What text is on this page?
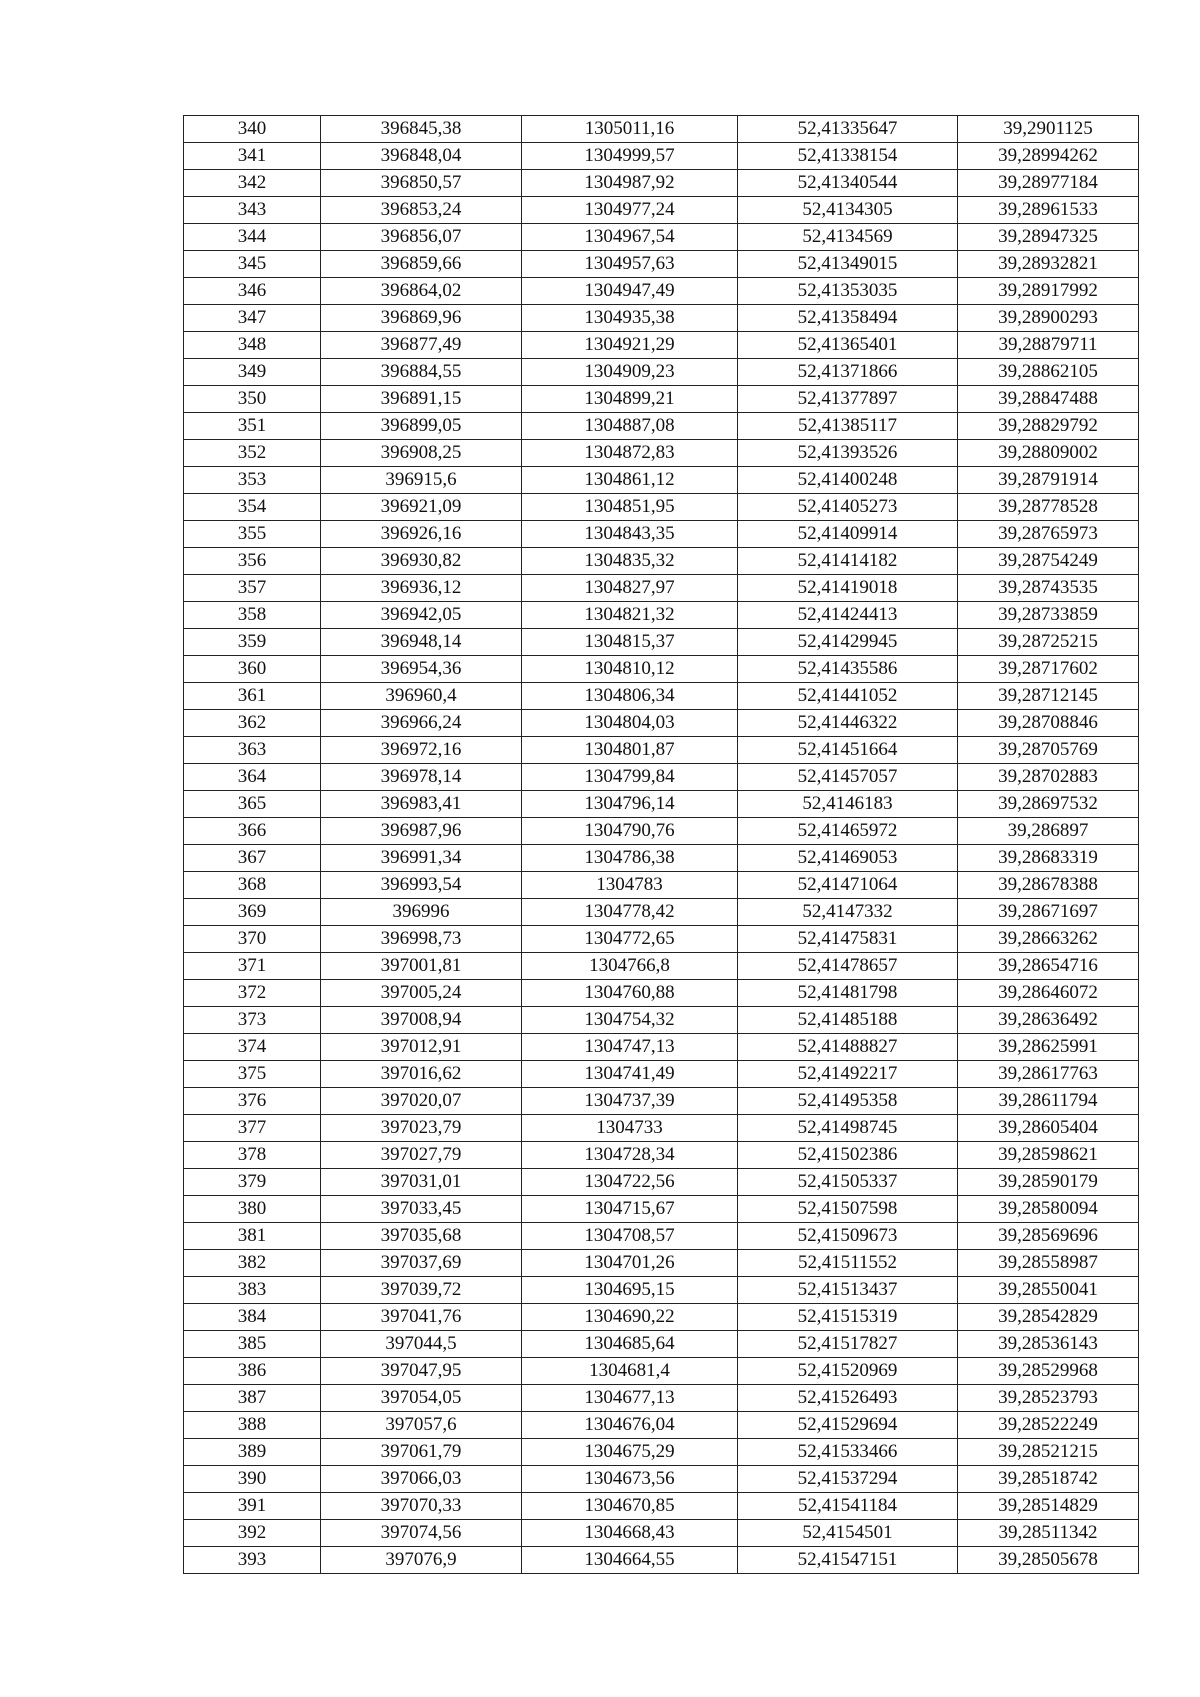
340	396845,38	1305011,16	52,41335647	39,2901125
341	396848,04	1304999,57	52,41338154	39,28994262
342	396850,57	1304987,92	52,41340544	39,28977184
343	396853,24	1304977,24	52,4134305	39,28961533
344	396856,07	1304967,54	52,4134569	39,28947325
345	396859,66	1304957,63	52,41349015	39,28932821
346	396864,02	1304947,49	52,41353035	39,28917992
347	396869,96	1304935,38	52,41358494	39,28900293
348	396877,49	1304921,29	52,41365401	39,28879711
349	396884,55	1304909,23	52,41371866	39,28862105
350	396891,15	1304899,21	52,41377897	39,28847488
351	396899,05	1304887,08	52,41385117	39,28829792
352	396908,25	1304872,83	52,41393526	39,28809002
353	396915,6	1304861,12	52,41400248	39,28791914
354	396921,09	1304851,95	52,41405273	39,28778528
355	396926,16	1304843,35	52,41409914	39,28765973
356	396930,82	1304835,32	52,41414182	39,28754249
357	396936,12	1304827,97	52,41419018	39,28743535
358	396942,05	1304821,32	52,41424413	39,28733859
359	396948,14	1304815,37	52,41429945	39,28725215
360	396954,36	1304810,12	52,41435586	39,28717602
361	396960,4	1304806,34	52,41441052	39,28712145
362	396966,24	1304804,03	52,41446322	39,28708846
363	396972,16	1304801,87	52,41451664	39,28705769
364	396978,14	1304799,84	52,41457057	39,28702883
365	396983,41	1304796,14	52,4146183	39,28697532
366	396987,96	1304790,76	52,41465972	39,286897
367	396991,34	1304786,38	52,41469053	39,28683319
368	396993,54	1304783	52,41471064	39,28678388
369	396996	1304778,42	52,4147332	39,28671697
370	396998,73	1304772,65	52,41475831	39,28663262
371	397001,81	1304766,8	52,41478657	39,28654716
372	397005,24	1304760,88	52,41481798	39,28646072
373	397008,94	1304754,32	52,41485188	39,28636492
374	397012,91	1304747,13	52,41488827	39,28625991
375	397016,62	1304741,49	52,41492217	39,28617763
376	397020,07	1304737,39	52,41495358	39,28611794
377	397023,79	1304733	52,41498745	39,28605404
378	397027,79	1304728,34	52,41502386	39,28598621
379	397031,01	1304722,56	52,41505337	39,28590179
380	397033,45	1304715,67	52,41507598	39,28580094
381	397035,68	1304708,57	52,41509673	39,28569696
382	397037,69	1304701,26	52,41511552	39,28558987
383	397039,72	1304695,15	52,41513437	39,28550041
384	397041,76	1304690,22	52,41515319	39,28542829
385	397044,5	1304685,64	52,41517827	39,28536143
386	397047,95	1304681,4	52,41520969	39,28529968
387	397054,05	1304677,13	52,41526493	39,28523793
388	397057,6	1304676,04	52,41529694	39,28522249
389	397061,79	1304675,29	52,41533466	39,28521215
390	397066,03	1304673,56	52,41537294	39,28518742
391	397070,33	1304670,85	52,41541184	39,28514829
392	397074,56	1304668,43	52,4154501	39,28511342
393	397076,9	1304664,55	52,41547151	39,28505678
